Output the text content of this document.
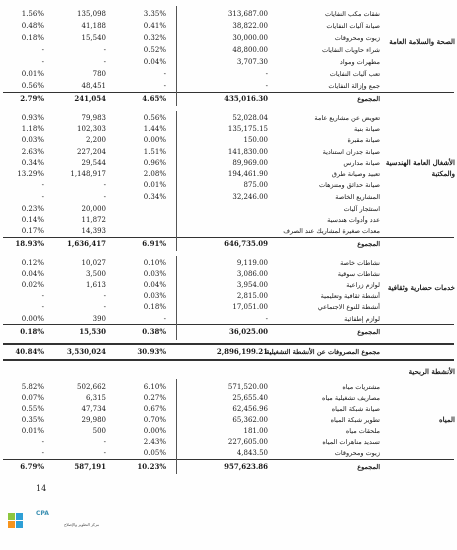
1.56%	135,098	3.35%	313,687.00	نفقات مكب النفايات
0.48%	41,188	0.41%	38,822.00	صيانة آليات النفايات
0.18%	15,540	0.32%	30,000.00	زيوت ومحروقات
-	-	0.52%	48,800.00	شراء حاويات النفايات
-	-	0.04%	3,707.30	مطهرات ومواد
0.01%	780	-	-	تعب آليات النفايات
0.56%	48,451	-	-	جمع وإزالة النفايات
2.79%	241,054	4.65%	435,016.30	المجموع
الصحة والسلامة العامة
0.93%	79,983	0.56%	52,028.04	تعويض عن مشاريع عامة
1.18%	102,303	1.44%	135,175.15	صيانة بنية
0.03%	2,200	0.00%	150.00	صيانة مقبرة
2.63%	227,204	1.51%	141,830.00	صيانة جدران استنادية
0.34%	29,544	0.96%	89,969.00	صيانة مدارس
13.29%	1,148,917	2.08%	194,461.90	تعبيد وصيانة طرق
-	-	0.01%	875.00	صيانة حدائق ومتنزهات
-	-	0.34%	32,246.00	المشاريع الخاصة
0.23%	20,000	استئجار آليات
0.14%	11,872	عدد وأدوات هندسية
0.17%	14,393	معدات صغيرة لمشاريك عند الصرف
18.93%	1,636,417	6.91%	646,735.09	المجموع
الأشغال العامة الهندسية والمكتبة
0.12%	10,027	0.10%	9,119.00	نشاطات خاصة
0.04%	3,500	0.03%	3,086.00	نشاطات سوقية
0.02%	1,613	0.04%	3,954.00	لوازم زراعية
-	-	0.03%	2,815.00	أنشطة ثقافية وتعليمية
-	-	0.18%	17,051.00	أنشطة للنوع الاجتماعي
0.00%	390	-	-	لوازم إطفائية
0.18%	15,530	0.38%	36,025.00	المجموع
خدمات حضارية وثقافية
40.84%	3,530,024	30.93%	2,896,199.21
مجموع المصروفات عن الأنشطة التشغيلية
الأنشطة الربحية
5.82%	502,662	6.10%	571,520.00	مشتريات مياه
0.07%	6,315	0.27%	25,655.40	مصاريف تشغيلية مياه
0.55%	47,734	0.67%	62,456.96	صيانة شبكة المياه
0.35%	29,980	0.70%	65,362.00	تطوير شبكة المياه
0.01%	500	0.00%	181.00	ملحقات مياه
-	-	2.43%	227,605.00	تسديد مناهرات المياه
-	-	0.05%	4,843.50	زيوت ومحروقات
6.79%	587,191	10.23%	957,623.86	المجموع
المياه
14
CPA
مركز التطوير والإصلاح
